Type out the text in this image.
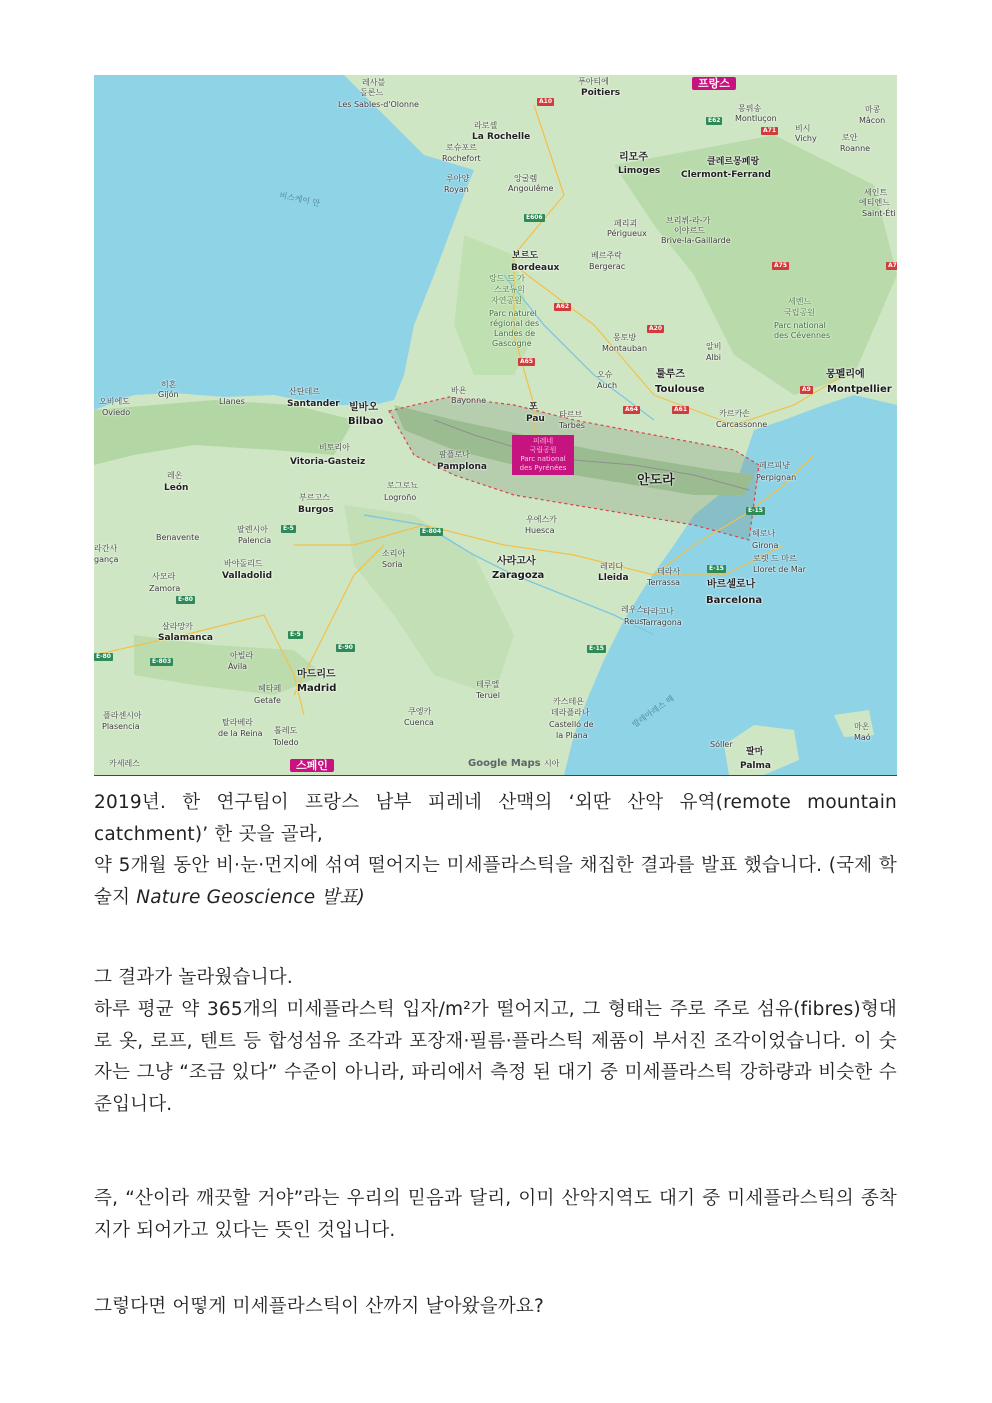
레사블
돌론느
Les Sables-d'Olonne
푸아티에
Poitiers
프랑스
몽뤼송
Montluçon
비시
Vichy
마콩
Mâcon
로안
Roanne
라로셸
La Rochelle
로슈포르
Rochefort
루아양
Royan
앙굴렘
Angoulême
리모주
Limoges
클레르몽페랑
Clermont-Ferrand
세인트
에티엔느
Saint-Éti
비스케이 만
페리괴
Périgueux
브리뷔-라-가
이야르드
Brive-la-Gaillarde
보르도
Bordeaux
베르주락
Bergerac
랑드 드 가
스코뉴의
자연공원
Parc naturel
régional des
Landes de
Gascogne
세벤느
국립공원
Parc national
des Cévennes
몽토방
Montauban	알비
Albi
오슈
Auch
툴루즈
Toulouse
몽펠리에
Montpellier
히혼
Gijón
오비에도
Oviedo
Llanes
산탄데르
Santander 빌바오
Bilbao
바욘
Bayonne
포
Pau 타르브
Tarbes
카르카손
Carcassonne
피레네
국립공원
Parc national
des Pyrénées
비토리아
Vitoria-Gasteiz
팜플로나
Pamplona
안도라
페르피냥
Perpignan
레온
León	로그로뇨
Logroño
부르고스
Burgos
우에스카
Huesca	헤로나
Girona
로렛 드 마르
Lloret de Mar
Benavente
팔렌시아
Palencia
바야돌리드
Valladolid
소리아
Soria	사라고사
Zaragoza
레리다
Lleida
테라사
Terrassa	바르셀로나
Barcelona
라간사
gança
사모라
Zamora
레우스
Reus
타라고나
Tarragona
살라망카
Salamanca
아빌라
Ávila
마드리드
Madrid
헤타페
Getafe
테루엘
Teruel
플라센시아
Plasencia	탈라베라
de la Reina 톨레도
Toledo
쿠엥카
Cuenca
카스테욘
데라플라나
Castelló de
la Plana
발레아레스 해
Sóller
팔마
Palma
마온
Maó
카세레스	스페인	시아
Google Maps
A10
E62
A71
E606
A75	A7
A62
A20
A65
A64	A61
A9
E-5	E-804
E-15
E-15
E-15
E-80
E-80
E-803
E-5
E-90
2019년. 한 연구팀이 프랑스 남부 피레네 산맥의 ‘외딴 산악 유역(remote mountain catchment)’ 한 곳을 골라,
약 5개월 동안 비·눈·먼지에 섞여 떨어지는 미세플라스틱을 채집한 결과를 발표 했습니다. (국제 학술지 Nature Geoscience 발표)
그 결과가 놀라웠습니다.
하루 평균 약 365개의 미세플라스틱 입자/m²가 떨어지고, 그 형태는 주로 주로 섬유(fibres)형대로 옷, 로프, 텐트 등 합성섬유 조각과 포장재·필름·플라스틱 제품이 부서진 조각이었습니다. 이 숫자는 그냥 “조금 있다” 수준이 아니라, 파리에서 측정 된 대기 중 미세플라스틱 강하량과 비슷한 수준입니다.
즉, “산이라 깨끗할 거야”라는 우리의 믿음과 달리, 이미 산악지역도 대기 중 미세플라스틱의 종착지가 되어가고 있다는 뜻인 것입니다.
그렇다면 어떻게 미세플라스틱이 산까지 날아왔을까요?
